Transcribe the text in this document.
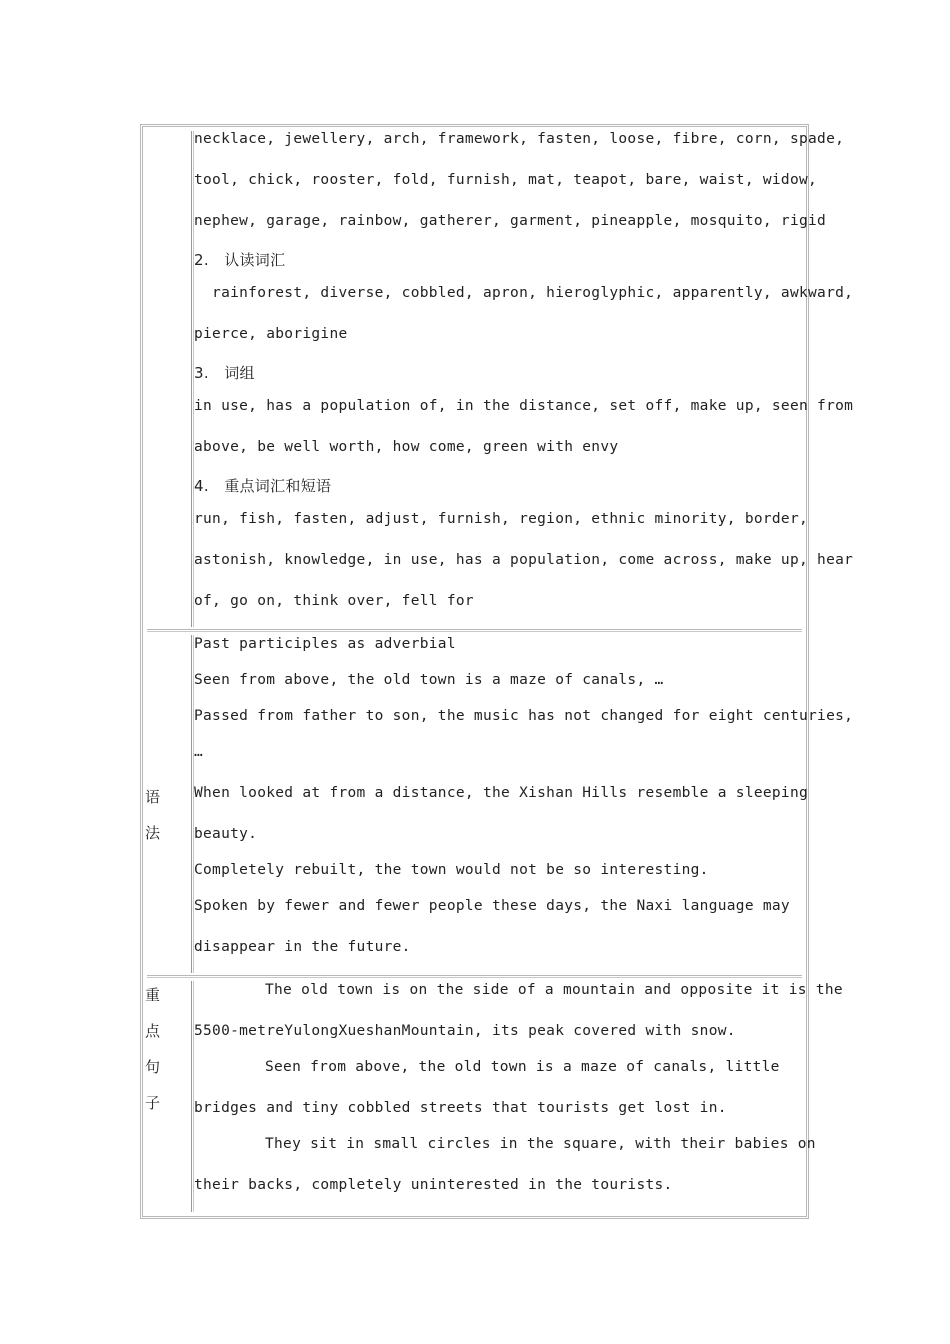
necklace, jewellery, arch, framework, fasten, loose, fibre, corn, spade,
tool, chick, rooster, fold, furnish, mat, teapot, bare, waist, widow,
nephew, garage, rainbow, gatherer, garment, pineapple, mosquito, rigid
2.　认读词汇
rainforest, diverse, cobbled, apron, hieroglyphic, apparently, awkward,
pierce, aborigine
3.　词组
in use, has a population of, in the distance, set off, make up, seen from
above, be well worth, how come, green with envy
4.　重点词汇和短语
run, fish, fasten, adjust, furnish, region, ethnic minority, border,
astonish, knowledge, in use, has a population, come across, make up, hear
of, go on, think over, fell for
语
法
Past participles as adverbial
Seen from above, the old town is a maze of canals, …
Passed from father to son, the music has not changed for eight centuries,
…
When looked at from a distance, the Xishan Hills resemble a sleeping
beauty.
Completely rebuilt, the town would not be so interesting.
Spoken by fewer and fewer people these days, the Naxi language may
disappear in the future.
重
点
句
子
The old town is on the side of a mountain and opposite it is the
5500-metreYulongXueshanMountain, its peak covered with snow.
Seen from above, the old town is a maze of canals, little
bridges and tiny cobbled streets that tourists get lost in.
They sit in small circles in the square, with their babies on
their backs, completely uninterested in the tourists.
